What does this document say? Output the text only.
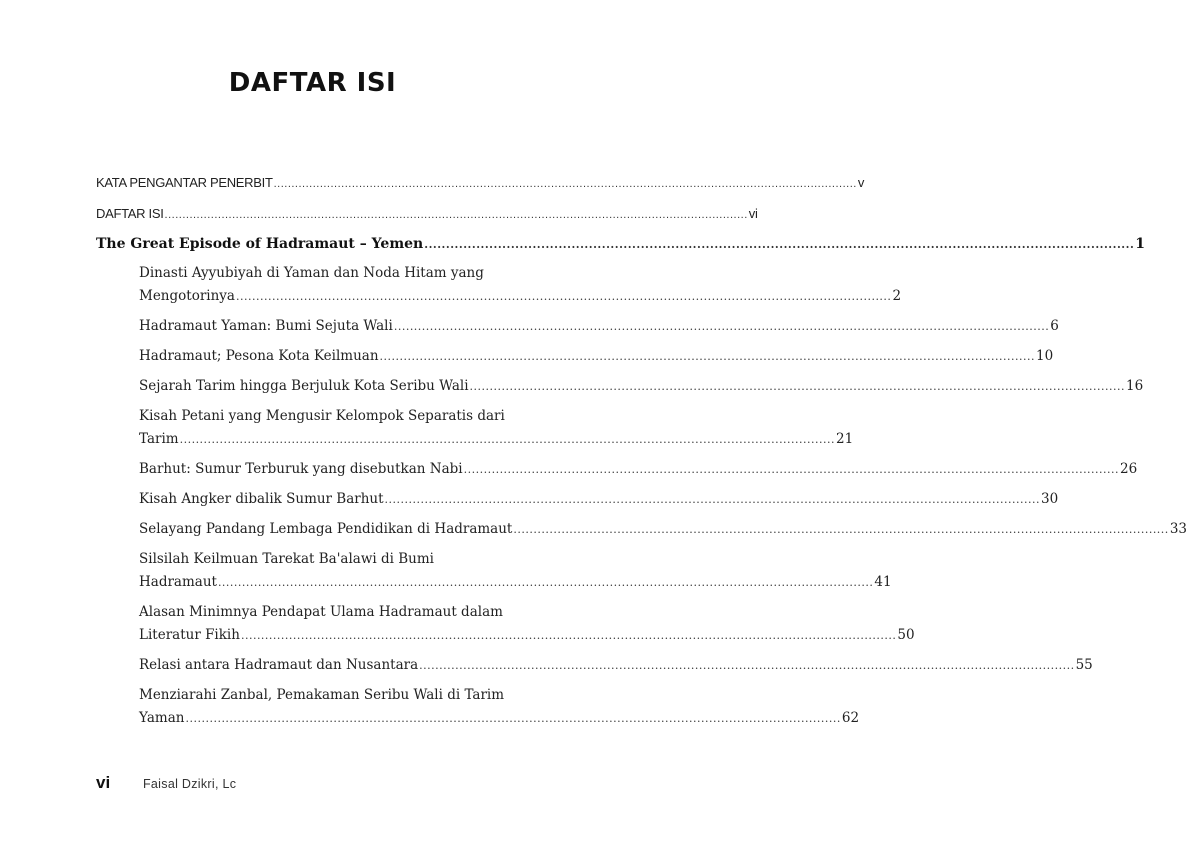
DAFTAR ISI
KATA PENGANTAR PENERBIT .................................................................................................................................................................... v
DAFTAR ISI .................................................................................................................................................................... vi
The Great Episode of Hadramaut – Yemen .................................................................................................................................................................... 1
Dinasti Ayyubiyah di Yaman dan Noda Hitam yang
Mengotorinya .................................................................................................................................................................... 2
Hadramaut Yaman: Bumi Sejuta Wali .................................................................................................................................................................... 6
Hadramaut; Pesona Kota Keilmuan .................................................................................................................................................................... 10
Sejarah Tarim hingga Berjuluk Kota Seribu Wali .................................................................................................................................................................... 16
Kisah Petani yang Mengusir Kelompok Separatis dari
Tarim .................................................................................................................................................................... 21
Barhut: Sumur Terburuk yang disebutkan Nabi .................................................................................................................................................................... 26
Kisah Angker dibalik Sumur Barhut .................................................................................................................................................................... 30
Selayang Pandang Lembaga Pendidikan di Hadramaut .................................................................................................................................................................... 33
Silsilah Keilmuan Tarekat Ba'alawi di Bumi
Hadramaut .................................................................................................................................................................... 41
Alasan Minimnya Pendapat Ulama Hadramaut dalam
Literatur Fikih .................................................................................................................................................................... 50
Relasi antara Hadramaut dan Nusantara .................................................................................................................................................................... 55
Menziarahi Zanbal, Pemakaman Seribu Wali di Tarim
Yaman .................................................................................................................................................................... 62
vi	Faisal Dzikri, Lc
